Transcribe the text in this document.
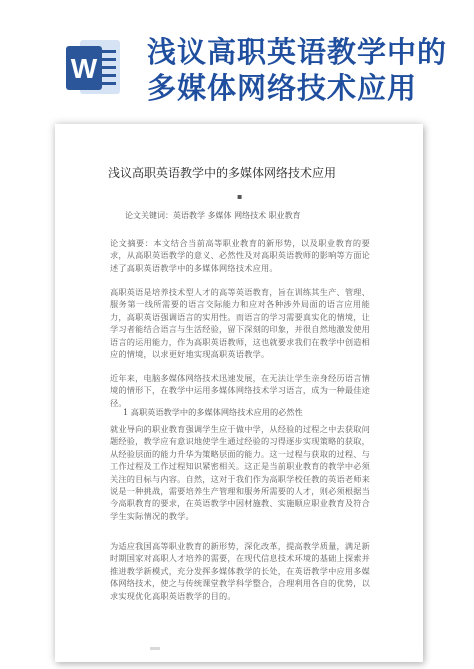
W 浅议高职英语教学中的
多媒体网络技术应用
浅议高职英语教学中的多媒体网络技术应用
▪
论文关键词：英语教学 多媒体 网络技术 职业教育
论文摘要：本文结合当前高等职业教育的新形势，以及职业教育的要求，从高职英语教学的意义、必然性及对高职英语教师的影响等方面论述了高职英语教学中的多媒体网络技术应用。
高职英语是培养技术型人才的高等英语教育，旨在训练其生产、管理、服务第一线所需要的语言交际能力和应对各种涉外局面的语言应用能力，高职英语强调语言的实用性。而语言的学习需要真实化的情境，让学习者能结合语言与生活经验，留下深刻的印象，并很自然地激发使用语言的运用能力，作为高职英语教师，这也就要求我们在教学中创造相应的情境，以求更好地实现高职英语教学。
近年来，电脑多媒体网络技术迅速发展，在无法让学生亲身经历语言情境的情形下，在教学中运用多媒体网络技术学习语言，成为一种最佳途径。
1 高职英语教学中的多媒体网络技术应用的必然性
就业导向的职业教育强调学生应于做中学，从经验的过程之中去获取问题经验，教学应有意识地使学生通过经验的习得逐步实现策略的获取，从经验层面的能力升华为策略层面的能力。这一过程与获取的过程、与工作过程及工作过程知识紧密相关。这正是当前职业教育的教学中必须关注的目标与内容。自然，这对于我们作为高职学校任教的英语老师来说是一种挑战，需要培养生产管理和服务所需要的人才，则必须根据当今高职教育的要求，在英语教学中因材施教、实施顺应职业教育及符合学生实际情况的教学。
为适应我国高等职业教育的新形势，深化改革，提高教学质量，满足新时期国家对高职人才培养的需要，在现代信息技术环境的基础上探索并推进教学新模式，充分发挥多媒体教学的长处，在英语教学中应用多媒体网络技术，使之与传统课堂教学科学整合，合理利用各自的优势，以求实现优化高职英语教学的目的。
